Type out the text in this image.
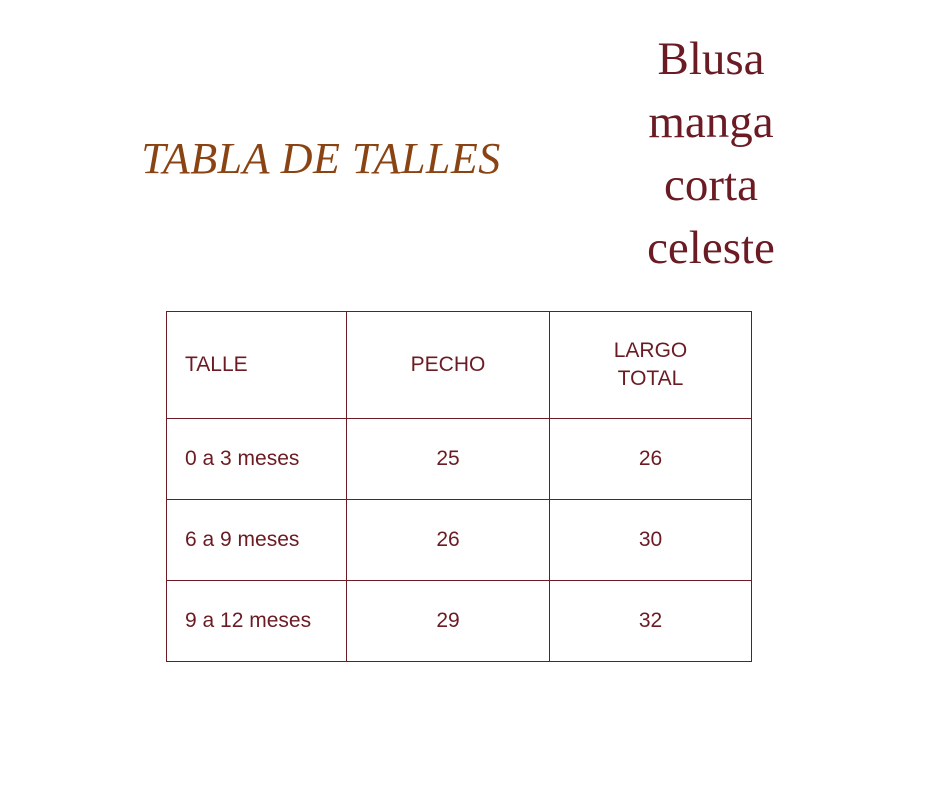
TABLA DE TALLES
Blusa
manga
corta
celeste
TALLE	PECHO	LARGO
TOTAL

0 a 3 meses	25	26
6 a 9 meses	26	30
9 a 12 meses	29	32
